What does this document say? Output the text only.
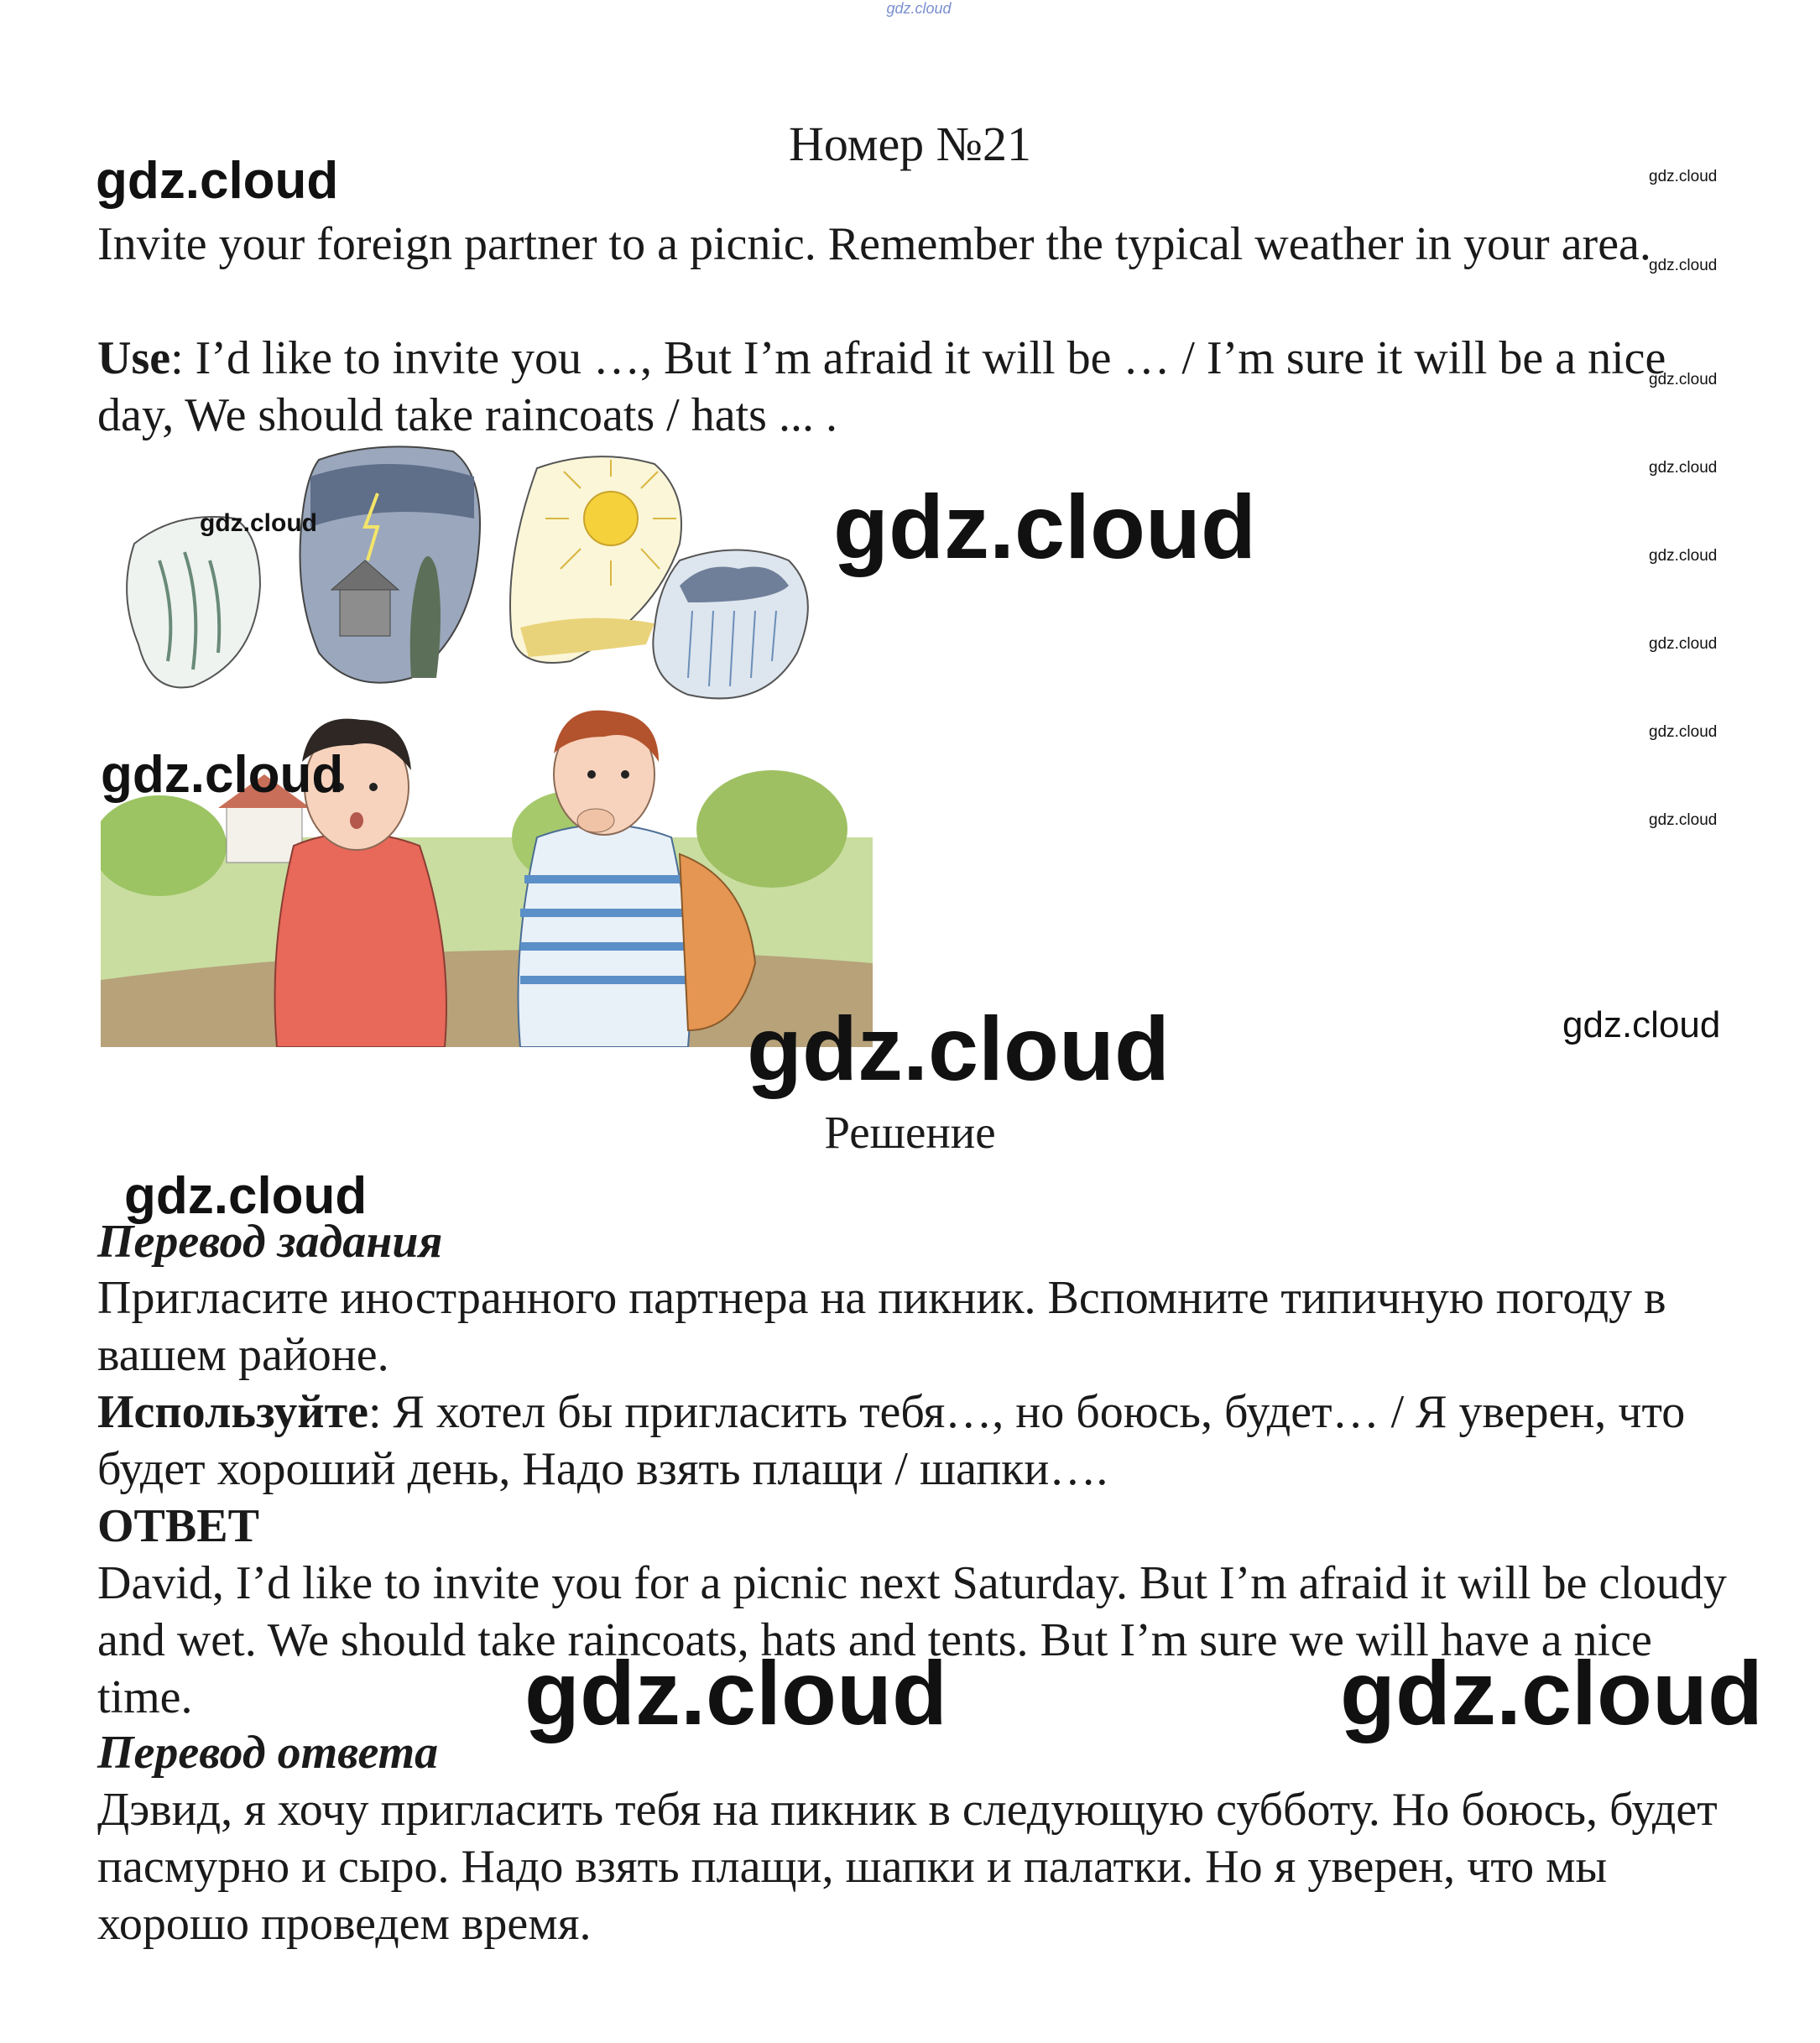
gdz.cloud
Номер №21
gdz.cloud

Invite your foreign partner to a picnic. Remember the typical weather in your area.

Use: I’d like to invite you …, But I’m afraid it will be … / I’m sure it will be a nice day, We should take raincoats / hats ... .

gdz.cloud
gdz.cloud
gdz.cloud
gdz.cloud
gdz.cloud
gdz.cloud
gdz.cloud
gdz.cloud
gdz.cloud	gdz.cloud
gdz.cloud
gdz.cloud
gdz.cloud
Решение
gdz.cloud

Перевод задания

Пригласите иностранного партнера на пикник. Вспомните типичную погоду в вашем районе.

Используйте: Я хотел бы пригласить тебя…, но боюсь, будет… / Я уверен, что будет хороший день, Надо взять плащи / шапки….

ОТВЕТ

David, I’d like to invite you for a picnic next Saturday. But I’m afraid it will be cloudy and wet. We should take raincoats, hats and tents. But I’m sure we will have a nice time.	gdz.cloud	gdz.cloud

Перевод ответа

Дэвид, я хочу пригласить тебя на пикник в следующую субботу. Но боюсь, будет пасмурно и сыро. Надо взять плащи, шапки и палатки. Но я уверен, что мы хорошо проведем время.
